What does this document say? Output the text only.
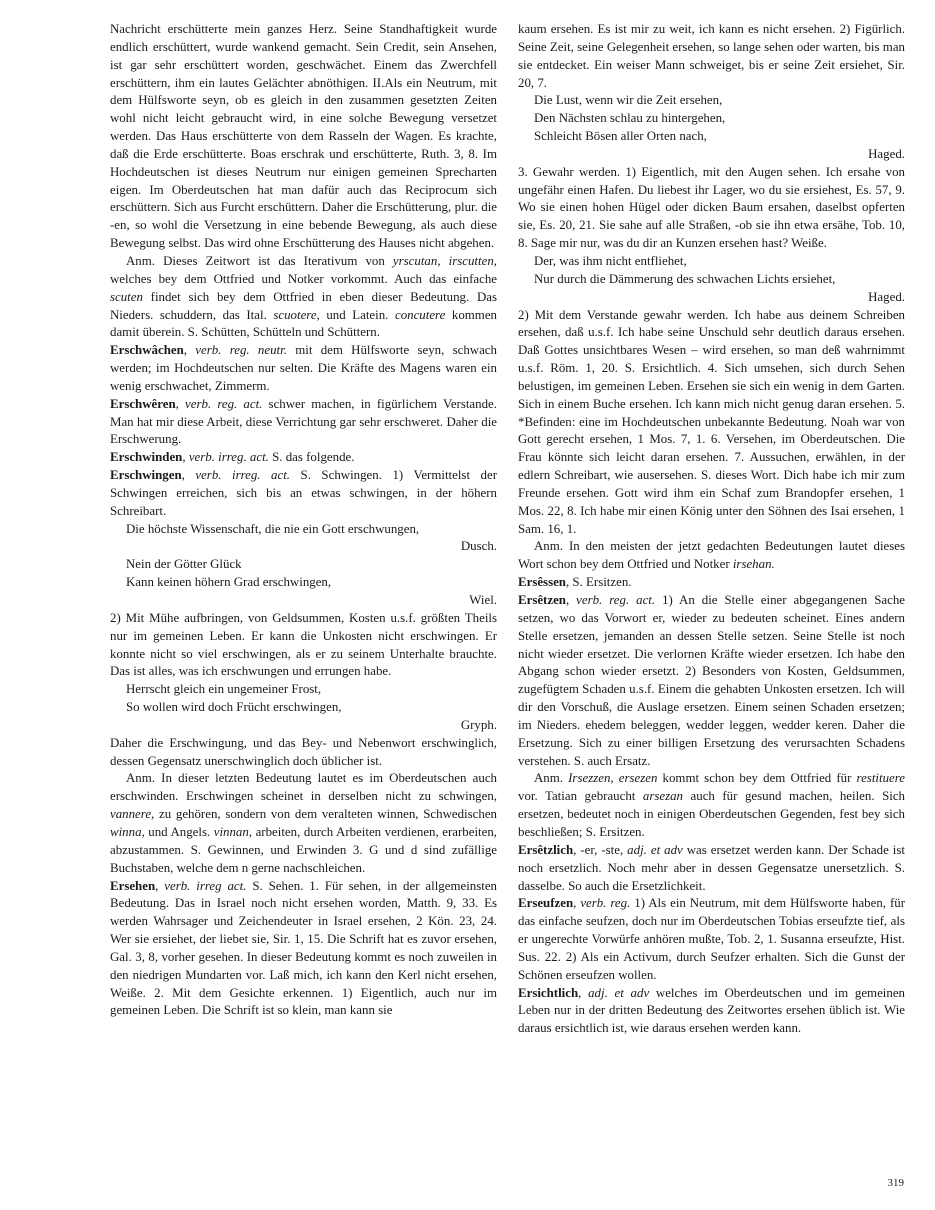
Nachricht erschütterte mein ganzes Herz. Seine Standhaftigkeit wurde endlich erschüttert, wurde wankend gemacht. Sein Credit, sein Ansehen, ist gar sehr erschüttert worden, geschwächet. Einem das Zwerchfell erschüttern, ihm ein lautes Gelächter abnöthigen. II.Als ein Neutrum, mit dem Hülfsworte seyn, ob es gleich in den zusammen gesetzten Zeiten wohl nicht leicht gebraucht wird, in eine solche Bewegung versetzet werden. Das Haus erschütterte von dem Rasseln der Wagen. Es krachte, daß die Erde erschütterte. Boas erschrak und erschütterte, Ruth. 3, 8. Im Hochdeutschen ist dieses Neutrum nur einigen gemeinen Sprecharten eigen. Im Oberdeutschen hat man dafür auch das Reciprocum sich erschüttern. Sich aus Furcht erschüttern. Daher die Erschütterung, plur. die -en, so wohl die Versetzung in eine bebende Bewegung, als auch diese Bewegung selbst. Das wird ohne Erschütterung des Hauses nicht abgehen.

Anm. Dieses Zeitwort ist das Iterativum von yrscutan, irscutten, welches bey dem Ottfried und Notker vorkommt. Auch das einfache scuten findet sich bey dem Ottfried in eben dieser Bedeutung. Das Nieders. schuddern, das Ital. scuotere, und Latein. concutere kommen damit überein. S. Schütten, Schütteln und Schüttern.

Erschwâchen, verb. reg. neutr. mit dem Hülfsworte seyn, schwach werden; im Hochdeutschen nur selten. Die Kräfte des Magens waren ein wenig erschwachet, Zimmerm.

Erschwêren, verb. reg. act. schwer machen, in figürlichem Verstande. Man hat mir diese Arbeit, diese Verrichtung gar sehr erschweret. Daher die Erschwerung.

Erschwinden, verb. irreg. act. S. das folgende.

Erschwingen, verb. irreg. act. S. Schwingen. 1) Vermittelst der Schwingen erreichen, sich bis an etwas schwingen, in der höhern Schreibart.

Die höchste Wissenschaft, die nie ein Gott erschwungen,

Dusch.

Nein der Götter Glück

Kann keinen höhern Grad erschwingen,

Wiel.

2) Mit Mühe aufbringen, von Geldsummen, Kosten u.s.f. größten Theils nur im gemeinen Leben. Er kann die Unkosten nicht erschwingen. Er konnte nicht so viel erschwingen, als er zu seinem Unterhalte brauchte. Das ist alles, was ich erschwungen und errungen habe.

Herrscht gleich ein ungemeiner Frost,

So wollen wird doch Frücht erschwingen,

Gryph.

Daher die Erschwingung, und das Bey- und Nebenwort erschwinglich, dessen Gegensatz unerschwinglich doch üblicher ist.

Anm. In dieser letzten Bedeutung lautet es im Oberdeutschen auch erschwinden. Erschwingen scheinet in derselben nicht zu schwingen, vannere, zu gehören, sondern von dem veralteten winnen, Schwedischen winna, und Angels. vinnan, arbeiten, durch Arbeiten verdienen, erarbeiten, abzustammen. S. Gewinnen, und Erwinden 3. G und d sind zufällige Buchstaben, welche dem n gerne nachschleichen.

Ersehen, verb. irreg act. S. Sehen. 1. Für sehen, in der allgemeinsten Bedeutung. Das in Israel noch nicht ersehen worden, Matth. 9, 33. Es werden Wahrsager und Zeichendeuter in Israel ersehen, 2 Kön. 23, 24. Wer sie ersiehet, der liebet sie, Sir. 1, 15. Die Schrift hat es zuvor ersehen, Gal. 3, 8, vorher gesehen. In dieser Bedeutung kommt es noch zuweilen in den niedrigen Mundarten vor. Laß mich, ich kann den Kerl nicht ersehen, Weiße. 2. Mit dem Gesichte erkennen. 1) Eigentlich, auch nur im gemeinen Leben. Die Schrift ist so klein, man kann sie

kaum ersehen. Es ist mir zu weit, ich kann es nicht ersehen. 2) Figürlich. Seine Zeit, seine Gelegenheit ersehen, so lange sehen oder warten, bis man sie entdecket. Ein weiser Mann schweiget, bis er seine Zeit ersiehet, Sir. 20, 7.

Die Lust, wenn wir die Zeit ersehen,

Den Nächsten schlau zu hintergehen,

Schleicht Bösen aller Orten nach,

Haged.

3. Gewahr werden. 1) Eigentlich, mit den Augen sehen. Ich ersahe von ungefähr einen Hafen. Du liebest ihr Lager, wo du sie ersiehest, Es. 57, 9. Wo sie einen hohen Hügel oder dicken Baum ersahen, daselbst opferten sie, Es. 20, 21. Sie sahe auf alle Straßen, -ob sie ihn etwa ersähe, Tob. 10, 8. Sage mir nur, was du dir an Kunzen ersehen hast? Weiße.

Der, was ihm nicht entfliehet,

Nur durch die Dämmerung des schwachen Lichts ersiehet,

Haged.

2) Mit dem Verstande gewahr werden. Ich habe aus deinem Schreiben ersehen, daß u.s.f. Ich habe seine Unschuld sehr deutlich daraus ersehen. Daß Gottes unsichtbares Wesen – wird ersehen, so man deß wahrnimmt u.s.f. Röm. 1, 20. S. Ersichtlich. 4. Sich umsehen, sich durch Sehen belustigen, im gemeinen Leben. Ersehen sie sich ein wenig in dem Garten. Sich in einem Buche ersehen. Ich kann mich nicht genug daran ersehen. 5. *Befinden: eine im Hochdeutschen unbekannte Bedeutung. Noah war von Gott gerecht ersehen, 1 Mos. 7, 1. 6. Versehen, im Oberdeutschen. Die Frau könnte sich leicht daran ersehen. 7. Aussuchen, erwählen, in der edlern Schreibart, wie ausersehen. S. dieses Wort. Dich habe ich mir zum Freunde ersehen. Gott wird ihm ein Schaf zum Brandopfer ersehen, 1 Mos. 22, 8. Ich habe mir einen König unter den Söhnen des Isai ersehen, 1 Sam. 16, 1.

Anm. In den meisten der jetzt gedachten Bedeutungen lautet dieses Wort schon bey dem Ottfried und Notker irsehan.

Ersêssen, S. Ersitzen.

Ersêtzen, verb. reg. act. 1) An die Stelle einer abgegangenen Sache setzen, wo das Vorwort er, wieder zu bedeuten scheinet. Eines andern Stelle ersetzen, jemanden an dessen Stelle setzen. Seine Stelle ist noch nicht wieder ersetzet. Die verlornen Kräfte wieder ersetzen. Ich habe den Abgang schon wieder ersetzt. 2) Besonders von Kosten, Geldsummen, zugefügtem Schaden u.s.f. Einem die gehabten Unkosten ersetzen. Ich will dir den Vorschuß, die Auslage ersetzen. Einem seinen Schaden ersetzen; im Nieders. ehedem beleggen, wedder leggen, wedder keren. Daher die Ersetzung. Sich zu einer billigen Ersetzung des verursachten Schadens verstehen. S. auch Ersatz.

Anm. Irsezzen, ersezen kommt schon bey dem Ottfried für restituere vor. Tatian gebraucht arsezan auch für gesund machen, heilen. Sich ersetzen, bedeutet noch in einigen Oberdeutschen Gegenden, fest bey sich beschließen; S. Ersitzen.

Ersêtzlich, -er, -ste, adj. et adv was ersetzet werden kann. Der Schade ist noch ersetzlich. Noch mehr aber in dessen Gegensatze unersetzlich. S. dasselbe. So auch die Ersetzlichkeit.

Erseufzen, verb. reg. 1) Als ein Neutrum, mit dem Hülfsworte haben, für das einfache seufzen, doch nur im Oberdeutschen Tobias erseufzte tief, als er ungerechte Vorwürfe anhören mußte, Tob. 2, 1. Susanna erseufzte, Hist. Sus. 22. 2) Als ein Activum, durch Seufzer erhalten. Sich die Gunst der Schönen erseufzen wollen.

Ersichtlich, adj. et adv welches im Oberdeutschen und im gemeinen Leben nur in der dritten Bedeutung des Zeitwortes ersehen üblich ist. Wie daraus ersichtlich ist, wie daraus ersehen werden kann.

319
